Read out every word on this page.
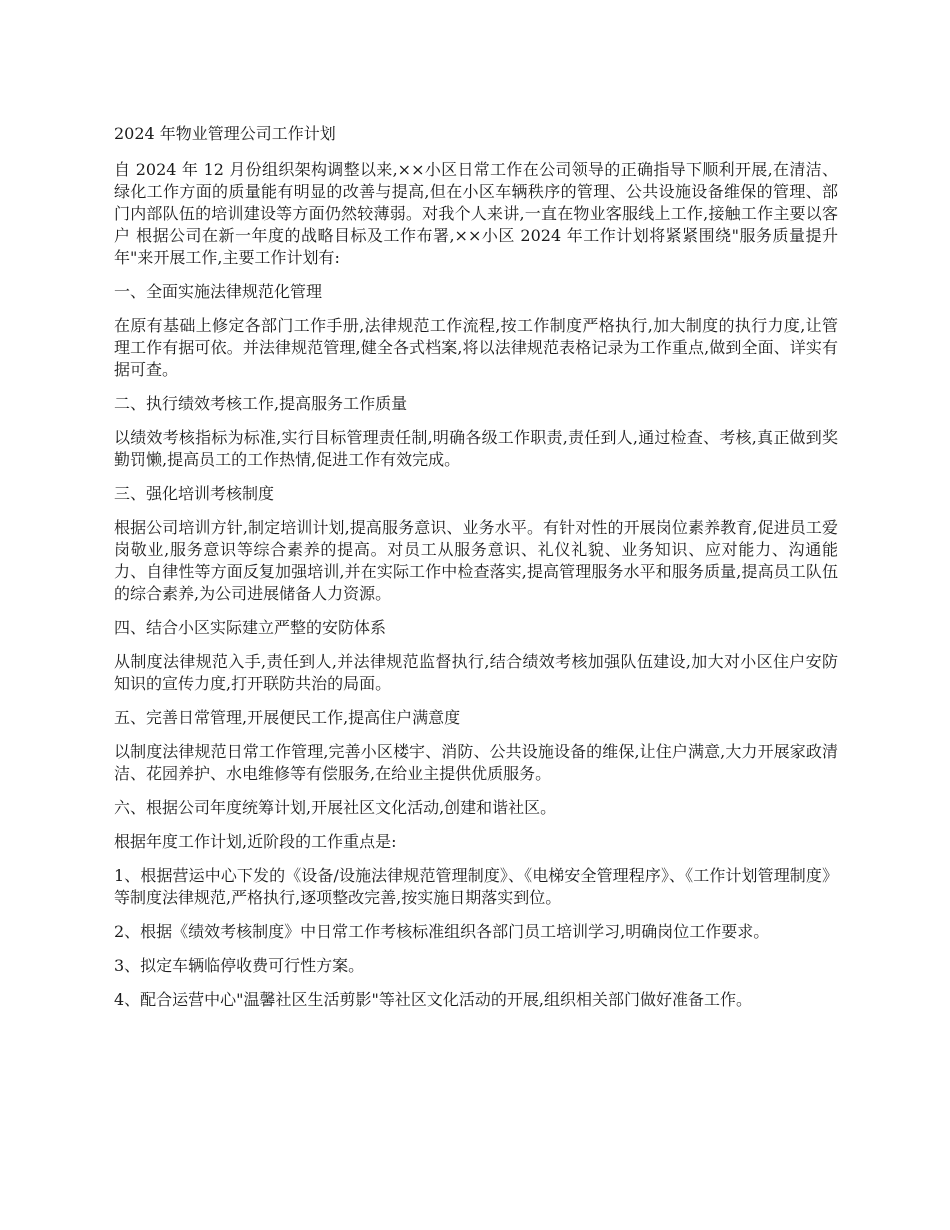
2024 年物业管理公司工作计划

自 2024 年 12 月份组织架构调整以来,××小区日常工作在公司领导的正确指导下顺利开展,在清洁、绿化工作方面的质量能有明显的改善与提高,但在小区车辆秩序的管理、公共设施设备维保的管理、部门内部队伍的培训建设等方面仍然较薄弱。对我个人来讲,一直在物业客服线上工作,接触工作主要以客户 根据公司在新一年度的战略目标及工作布署,××小区 2024 年工作计划将紧紧围绕"服务质量提升年"来开展工作,主要工作计划有:

一、全面实施法律规范化管理

在原有基础上修定各部门工作手册,法律规范工作流程,按工作制度严格执行,加大制度的执行力度,让管理工作有据可依。并法律规范管理,健全各式档案,将以法律规范表格记录为工作重点,做到全面、详实有据可查。

二、执行绩效考核工作,提高服务工作质量

以绩效考核指标为标准,实行目标管理责任制,明确各级工作职责,责任到人,通过检查、考核,真正做到奖勤罚懒,提高员工的工作热情,促进工作有效完成。

三、强化培训考核制度

根据公司培训方针,制定培训计划,提高服务意识、业务水平。有针对性的开展岗位素养教育,促进员工爱岗敬业,服务意识等综合素养的提高。对员工从服务意识、礼仪礼貌、业务知识、应对能力、沟通能力、自律性等方面反复加强培训,并在实际工作中检查落实,提高管理服务水平和服务质量,提高员工队伍的综合素养,为公司进展储备人力资源。

四、结合小区实际建立严整的安防体系

从制度法律规范入手,责任到人,并法律规范监督执行,结合绩效考核加强队伍建设,加大对小区住户安防知识的宣传力度,打开联防共治的局面。

五、完善日常管理,开展便民工作,提高住户满意度

以制度法律规范日常工作管理,完善小区楼宇、消防、公共设施设备的维保,让住户满意,大力开展家政清洁、花园养护、水电维修等有偿服务,在给业主提供优质服务。

六、根据公司年度统筹计划,开展社区文化活动,创建和谐社区。

根据年度工作计划,近阶段的工作重点是:

1、根据营运中心下发的《设备/设施法律规范管理制度》、《电梯安全管理程序》、《工作计划管理制度》等制度法律规范,严格执行,逐项整改完善,按实施日期落实到位。

2、根据《绩效考核制度》中日常工作考核标准组织各部门员工培训学习,明确岗位工作要求。

3、拟定车辆临停收费可行性方案。

4、配合运营中心"温馨社区生活剪影"等社区文化活动的开展,组织相关部门做好准备工作。
